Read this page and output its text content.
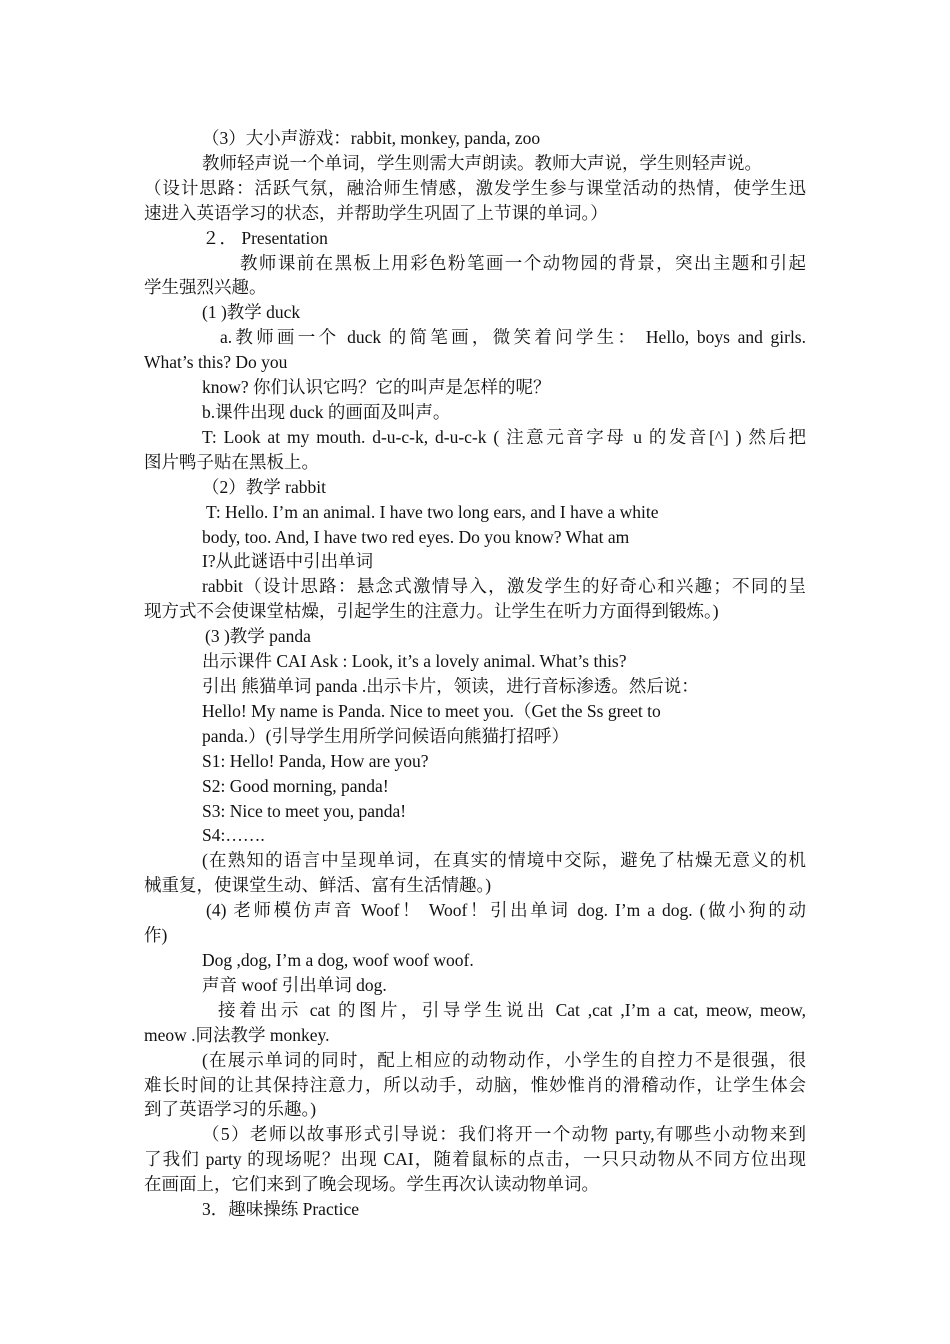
（3）大小声游戏：rabbit, monkey, panda, zoo
教师轻声说一个单词，学生则需大声朗读。教师大声说，学生则轻声说。
（设计思路：活跃气氛，融洽师生情感，激发学生参与课堂活动的热情，使学生迅
速进入英语学习的状态，并帮助学生巩固了上节课的单词。）
２． Presentation
教师课前在黑板上用彩色粉笔画一个动物园的背景，突出主题和引起
学生强烈兴趣。
(1 )教学 duck
a.教师画一个 duck 的简笔画，微笑着问学生： Hello, boys and girls.
What’s this? Do you
know? 你们认识它吗？它的叫声是怎样的呢？
b.课件出现 duck 的画面及叫声。
T: Look at my mouth. d-u-c-k, d-u-c-k ( 注意元音字母 u 的发音[^] ) 然后把
图片鸭子贴在黑板上。
（2）教学 rabbit
T: Hello. I’m an animal. I have two long ears, and I have a white
body, too. And, I have two red eyes. Do you know? What am
I?从此谜语中引出单词
rabbit（设计思路：悬念式激情导入，激发学生的好奇心和兴趣；不同的呈
现方式不会使课堂枯燥，引起学生的注意力。让学生在听力方面得到锻炼。)
(3 )教学 panda
出示课件 CAI Ask : Look, it’s a lovely animal. What’s this?
引出 熊猫单词 panda .出示卡片，领读，进行音标渗透。然后说：
Hello! My name is Panda. Nice to meet you.（Get the Ss greet to
panda.）(引导学生用所学问候语向熊猫打招呼）
S1: Hello! Panda, How are you?
S2: Good morning, panda!
S3: Nice to meet you, panda!
S4:…….
(在熟知的语言中呈现单词，在真实的情境中交际，避免了枯燥无意义的机
械重复，使课堂生动、鲜活、富有生活情趣。)
(4) 老师模仿声音 Woof！ Woof！引出单词 dog. I’m a dog. (做小狗的动
作)
Dog ,dog, I’m a dog, woof woof woof.
声音 woof 引出单词 dog.
接着出示 cat 的图片，引导学生说出 Cat ,cat ,I’m a cat, meow, meow,
meow .同法教学 monkey.
(在展示单词的同时，配上相应的动物动作，小学生的自控力不是很强，很
难长时间的让其保持注意力，所以动手，动脑，惟妙惟肖的滑稽动作，让学生体会
到了英语学习的乐趣。)
（5）老师以故事形式引导说：我们将开一个动物 party,有哪些小动物来到
了我们 party 的现场呢？出现 CAI，随着鼠标的点击，一只只动物从不同方位出现
在画面上，它们来到了晚会现场。学生再次认读动物单词。
3．趣味操练 Practice
